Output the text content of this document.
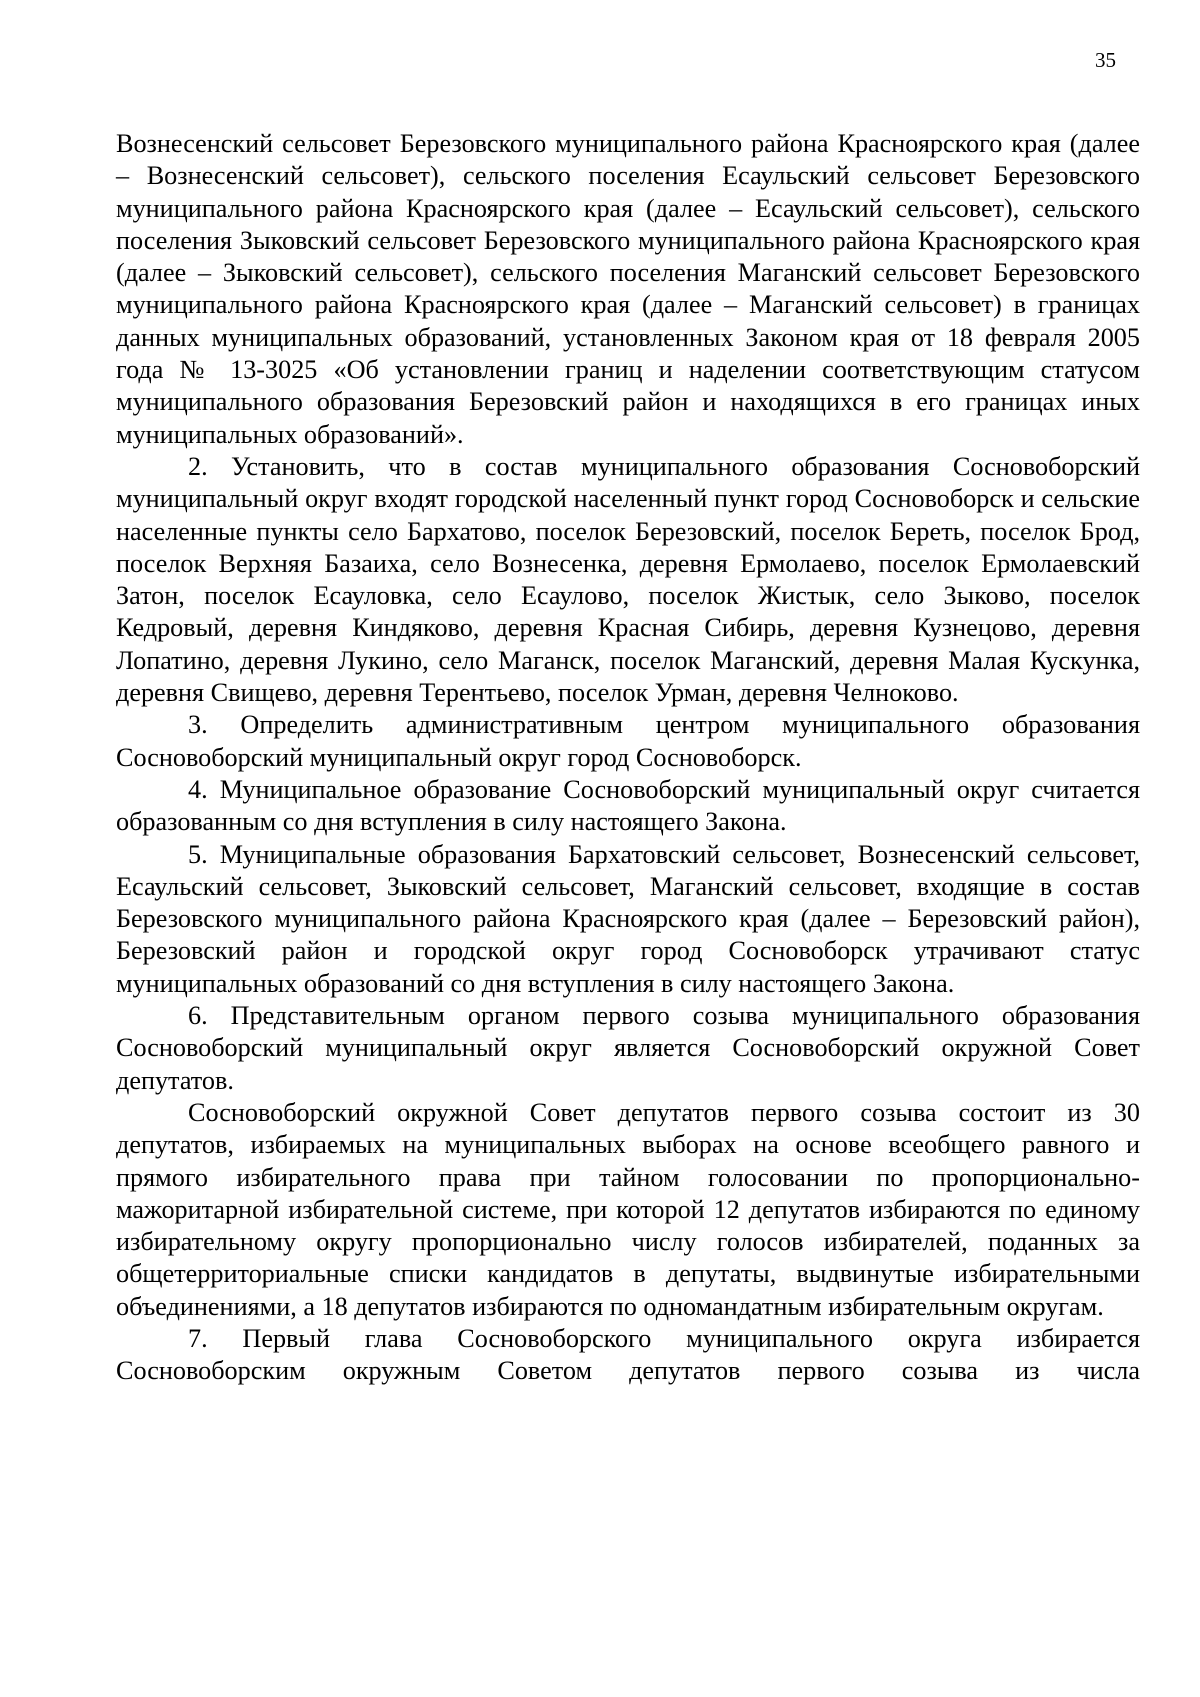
35

Вознесенский сельсовет Березовского муниципального района Красноярского края (далее – Вознесенский сельсовет), сельского поселения Есаульский сельсовет Березовского муниципального района Красноярского края (далее – Есаульский сельсовет), сельского поселения Зыковский сельсовет Березовского муниципального района Красноярского края (далее – Зыковский сельсовет), сельского поселения Маганский сельсовет Березовского муниципального района Красноярского края (далее – Маганский сельсовет) в границах данных муниципальных образований, установленных Законом края от 18 февраля 2005 года № 13-3025 «Об установлении границ и наделении соответствующим статусом муниципального образования Березовский район и находящихся в его границах иных муниципальных образований».

2. Установить, что в состав муниципального образования Сосновоборский муниципальный округ входят городской населенный пункт город Сосновоборск и сельские населенные пункты село Бархатово, поселок Березовский, поселок Береть, поселок Брод, поселок Верхняя Базаиха, село Вознесенка, деревня Ермолаево, поселок Ермолаевский Затон, поселок Есауловка, село Есаулово, поселок Жистык, село Зыково, поселок Кедровый, деревня Киндяково, деревня Красная Сибирь, деревня Кузнецово, деревня Лопатино, деревня Лукино, село Маганск, поселок Маганский, деревня Малая Кускунка, деревня Свищево, деревня Терентьево, поселок Урман, деревня Челноково.

3. Определить административным центром муниципального образования Сосновоборский муниципальный округ город Сосновоборск.

4. Муниципальное образование Сосновоборский муниципальный округ считается образованным со дня вступления в силу настоящего Закона.

5. Муниципальные образования Бархатовский сельсовет, Вознесенский сельсовет, Есаульский сельсовет, Зыковский сельсовет, Маганский сельсовет, входящие в состав Березовского муниципального района Красноярского края (далее – Березовский район), Березовский район и городской округ город Сосновоборск утрачивают статус муниципальных образований со дня вступления в силу настоящего Закона.

6. Представительным органом первого созыва муниципального образования Сосновоборский муниципальный округ является Сосновоборский окружной Совет депутатов.

Сосновоборский окружной Совет депутатов первого созыва состоит из 30 депутатов, избираемых на муниципальных выборах на основе всеобщего равного и прямого избирательного права при тайном голосовании по пропорционально-мажоритарной избирательной системе, при которой 12 депутатов избираются по единому избирательному округу пропорционально числу голосов избирателей, поданных за общетерриториальные списки кандидатов в депутаты, выдвинутые избирательными объединениями, а 18 депутатов избираются по одномандатным избирательным округам.

7. Первый глава Сосновоборского муниципального округа избирается Сосновоборским окружным Советом депутатов первого созыва из числа
